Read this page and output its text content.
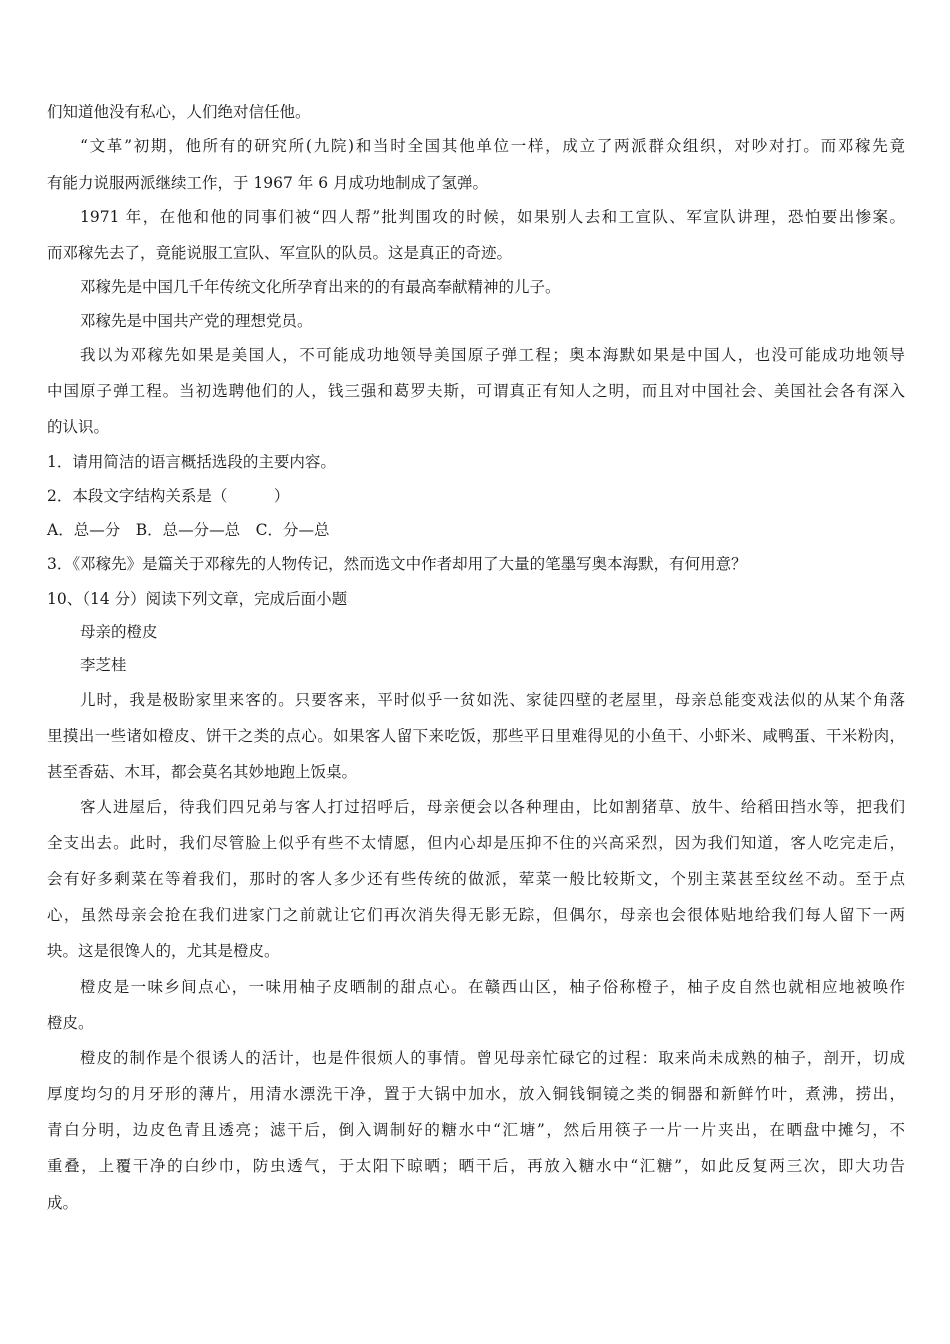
们知道他没有私心，人们绝对信任他。
“文革”初期，他所有的研究所(九院)和当时全国其他单位一样，成立了两派群众组织，对吵对打。而邓稼先竟
有能力说服两派继续工作，于 1967 年 6 月成功地制成了氢弹。
1971 年，在他和他的同事们被“四人帮”批判围攻的时候，如果别人去和工宣队、军宣队讲理，恐怕要出惨案。
而邓稼先去了，竟能说服工宣队、军宣队的队员。这是真正的奇迹。
邓稼先是中国几千年传统文化所孕育出来的的有最高奉献精神的儿子。
邓稼先是中国共产党的理想党员。
我以为邓稼先如果是美国人，不可能成功地领导美国原子弹工程；奥本海默如果是中国人，也没可能成功地领导
中国原子弹工程。当初选聘他们的人，钱三强和葛罗夫斯，可谓真正有知人之明，而且对中国社会、美国社会各有深入
的认识。
1．请用简洁的语言概括选段的主要内容。
2．本段文字结构关系是（　　　）
A．总—分　B．总—分—总　C．分—总
3．《邓稼先》是篇关于邓稼先的人物传记，然而选文中作者却用了大量的笔墨写奥本海默，有何用意？
10、（14 分）阅读下列文章，完成后面小题
母亲的橙皮
李芝桂
儿时，我是极盼家里来客的。只要客来，平时似乎一贫如洗、家徒四壁的老屋里，母亲总能变戏法似的从某个角落
里摸出一些诸如橙皮、饼干之类的点心。如果客人留下来吃饭，那些平日里难得见的小鱼干、小虾米、咸鸭蛋、干米粉肉，
甚至香菇、木耳，都会莫名其妙地跑上饭桌。
客人进屋后，待我们四兄弟与客人打过招呼后，母亲便会以各种理由，比如割猪草、放牛、给稻田挡水等，把我们
全支出去。此时，我们尽管脸上似乎有些不太情愿，但内心却是压抑不住的兴高采烈，因为我们知道，客人吃完走后，
会有好多剩菜在等着我们，那时的客人多少还有些传统的做派，荤菜一般比较斯文，个别主菜甚至纹丝不动。至于点
心，虽然母亲会抢在我们进家门之前就让它们再次消失得无影无踪，但偶尔，母亲也会很体贴地给我们每人留下一两
块。这是很馋人的，尤其是橙皮。
橙皮是一味乡间点心，一味用柚子皮晒制的甜点心。在赣西山区，柚子俗称橙子，柚子皮自然也就相应地被唤作
橙皮。
橙皮的制作是个很诱人的活计，也是件很烦人的事情。曾见母亲忙碌它的过程：取来尚未成熟的柚子，剖开，切成
厚度均匀的月牙形的薄片，用清水漂洗干净，置于大锅中加水，放入铜钱铜镜之类的铜器和新鲜竹叶，煮沸，捞出，
青白分明，边皮色青且透亮；滤干后，倒入调制好的糖水中“汇塘”，然后用筷子一片一片夹出，在晒盘中摊匀，不
重叠，上覆干净的白纱巾，防虫透气，于太阳下晾晒；晒干后，再放入糖水中“汇糖”，如此反复两三次，即大功告
成。
